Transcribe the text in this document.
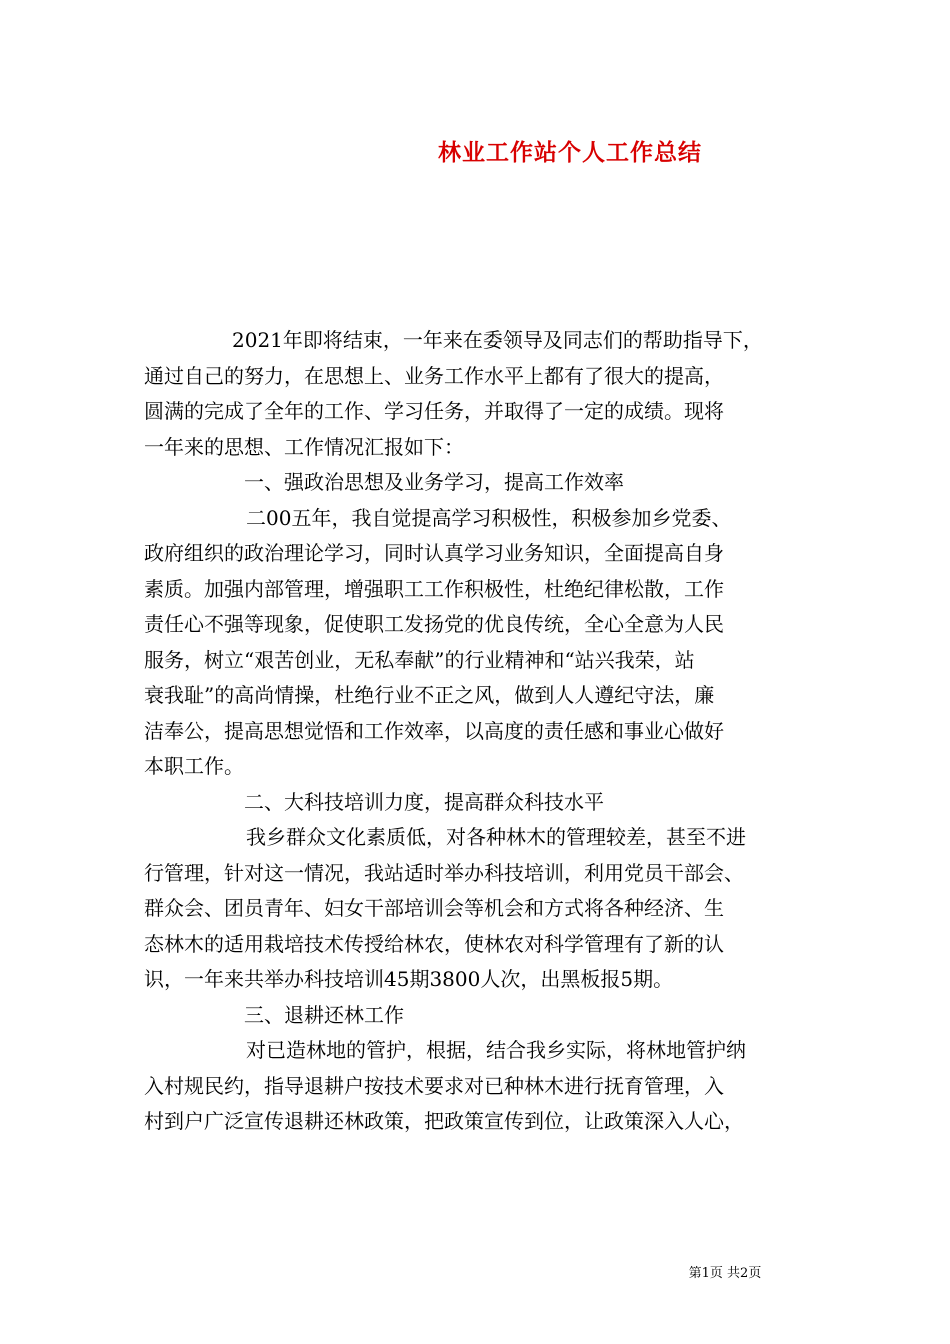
林业工作站个人工作总结
2021年即将结束，一年来在委领导及同志们的帮助指导下，
通过自己的努力，在思想上、业务工作水平上都有了很大的提高，
圆满的完成了全年的工作、学习任务，并取得了一定的成绩。现将
一年来的思想、工作情况汇报如下：
一、强政治思想及业务学习，提高工作效率
二00五年，我自觉提高学习积极性，积极参加乡党委、
政府组织的政治理论学习，同时认真学习业务知识，全面提高自身
素质。加强内部管理，增强职工工作积极性，杜绝纪律松散，工作
责任心不强等现象，促使职工发扬党的优良传统，全心全意为人民
服务，树立“艰苦创业，无私奉献”的行业精神和“站兴我荣，站
衰我耻”的高尚情操，杜绝行业不正之风，做到人人遵纪守法，廉
洁奉公，提高思想觉悟和工作效率，以高度的责任感和事业心做好
本职工作。
二、大科技培训力度，提高群众科技水平
我乡群众文化素质低，对各种林木的管理较差，甚至不进
行管理，针对这一情况，我站适时举办科技培训，利用党员干部会、
群众会、团员青年、妇女干部培训会等机会和方式将各种经济、生
态林木的适用栽培技术传授给林农，使林农对科学管理有了新的认
识，一年来共举办科技培训45期3800人次，出黑板报5期。
三、退耕还林工作
对已造林地的管护，根据，结合我乡实际，将林地管护纳
入村规民约，指导退耕户按技术要求对已种林木进行抚育管理，入
村到户广泛宣传退耕还林政策，把政策宣传到位，让政策深入人心，
第1页 共2页
